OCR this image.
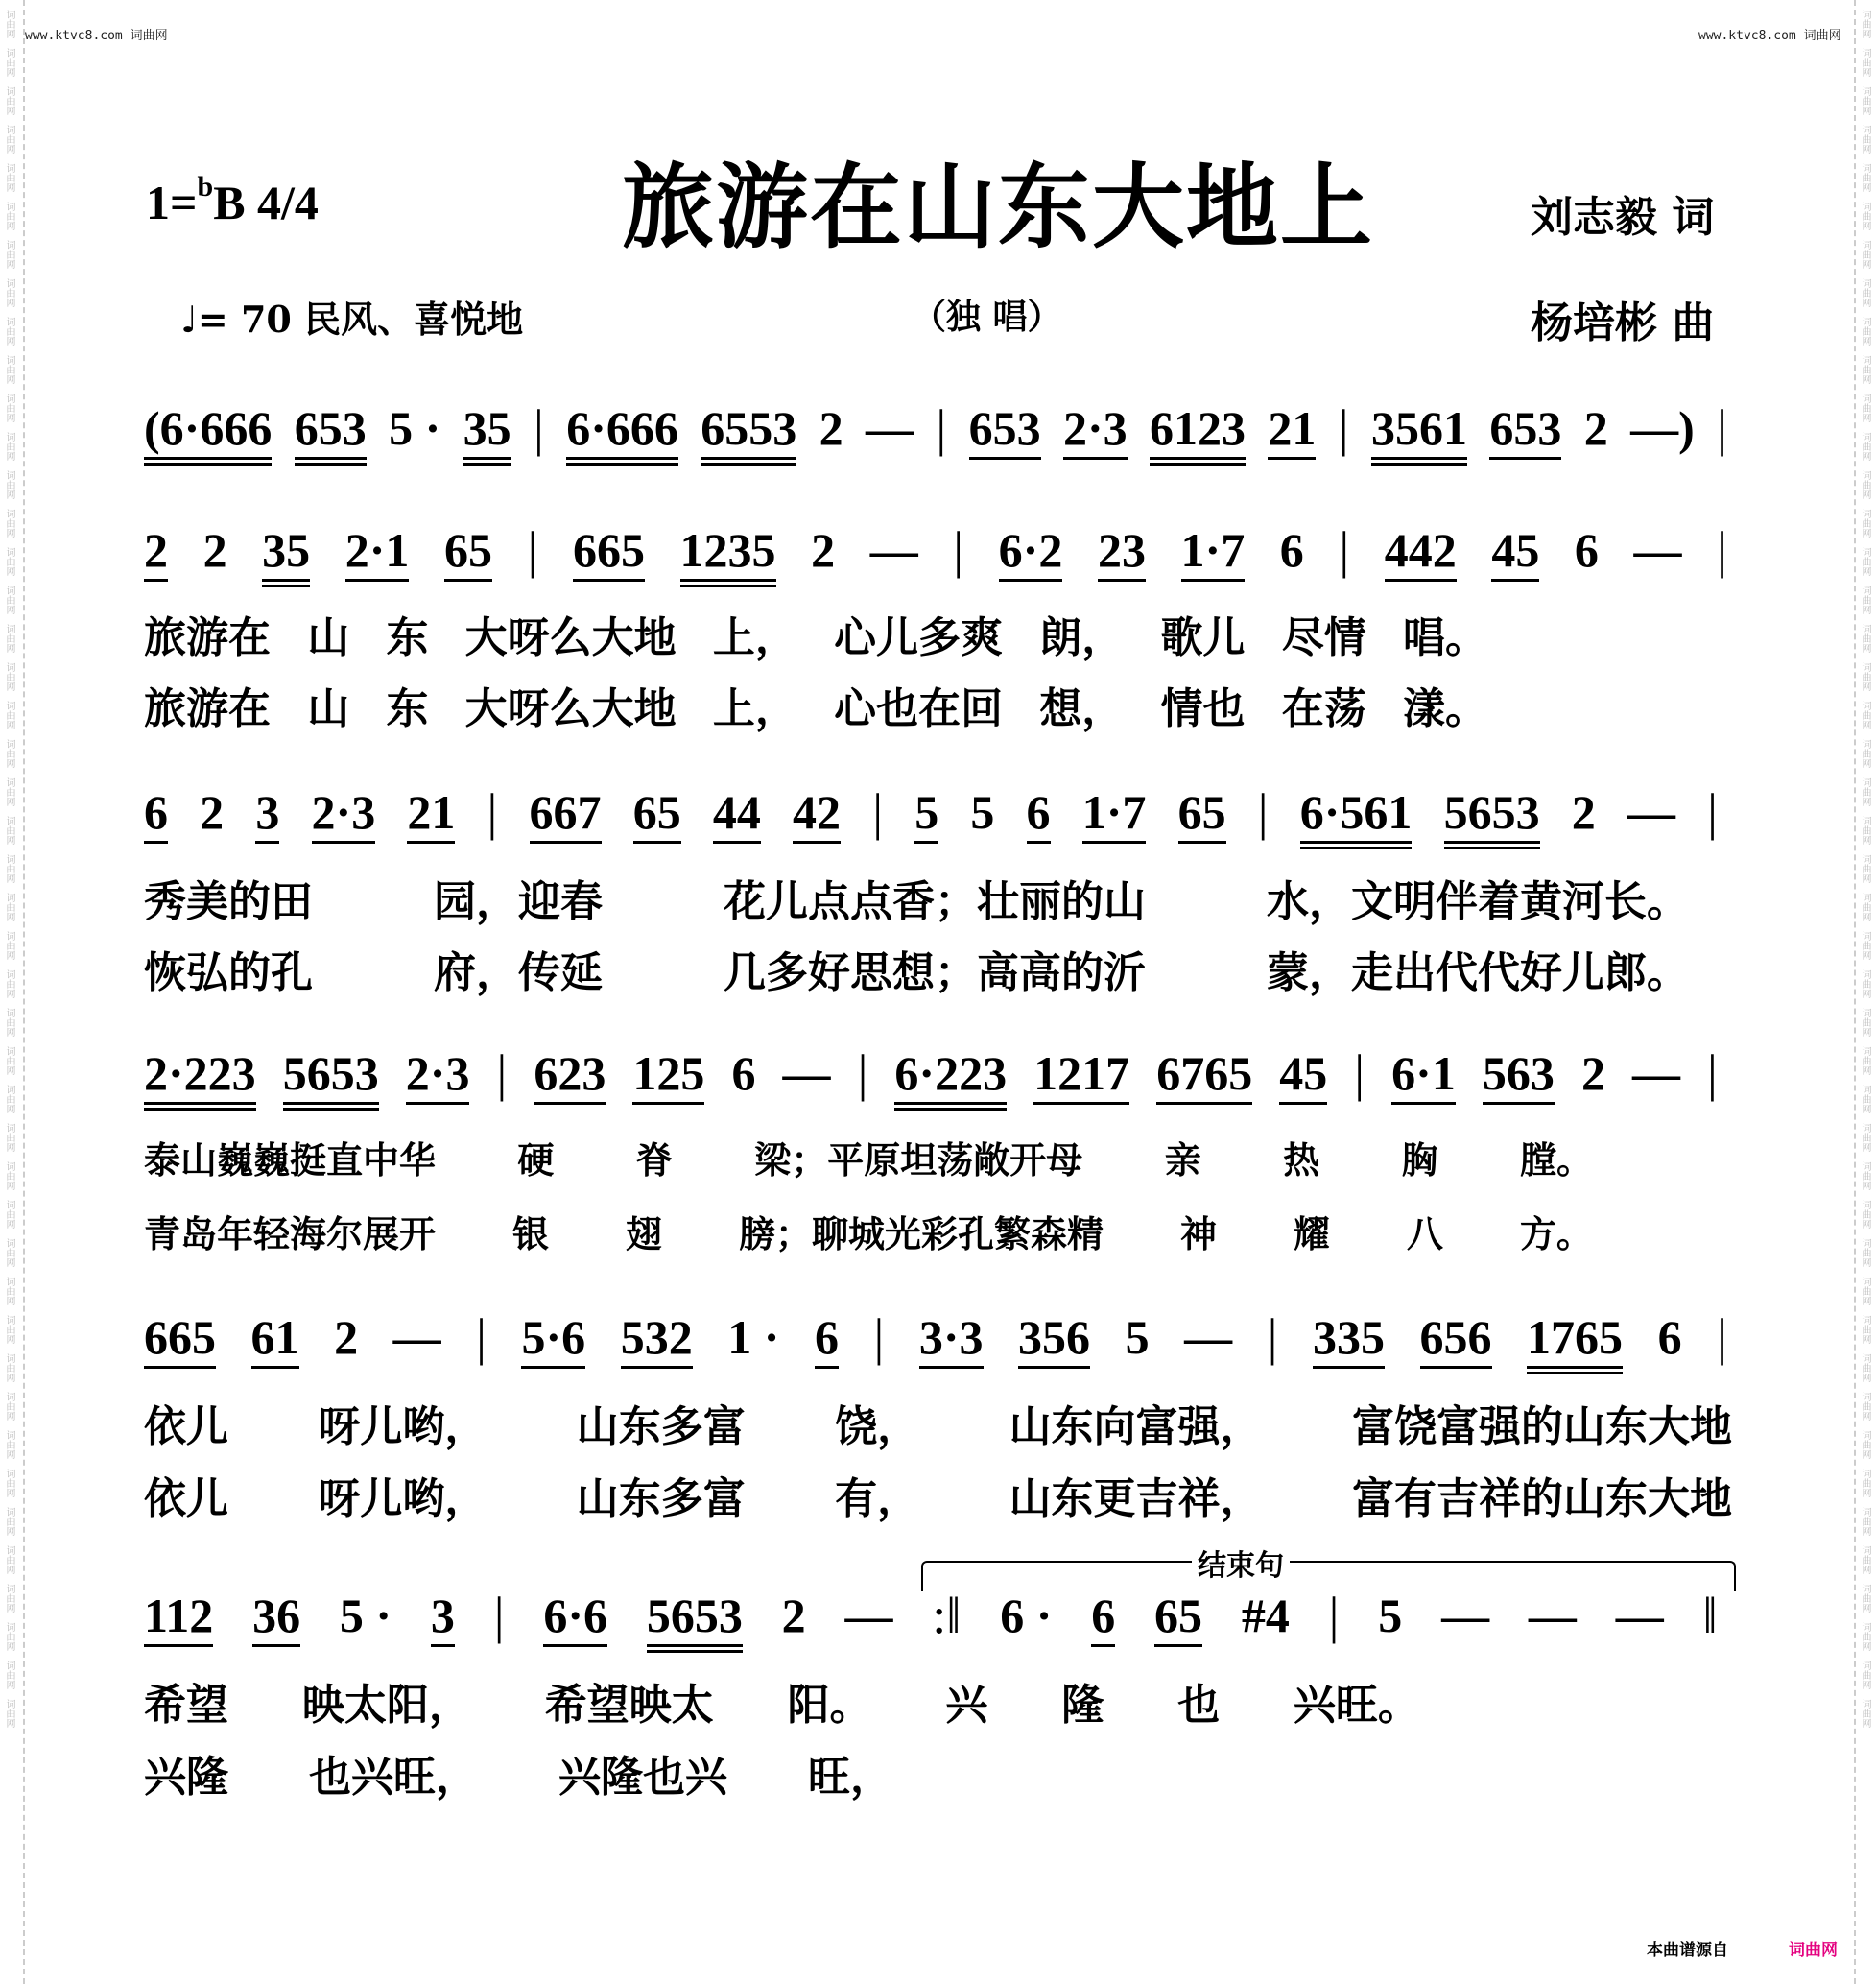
www.ktvc8.com 词曲网	www.ktvc8.com 词曲网
1=$^b$B 4/4	旅游在山东大地上	刘志毅 词
杨培彬 曲
♩= 70 民风、喜悦地	（独 唱）
(6·666 653 5 · 35 | 6·666 6553 2 — | 653 2·3 6123 21 | 3561 653 2 —) |
2 2 35 2·1 65 | 665 1235 2 — | 6·2 23 1·7 6 | 442 45 6 — |
旅游在 山 东 大呀么大地 上， 心儿多爽 朗， 歌儿 尽情 唱。
旅游在 山 东 大呀么大地 上， 心也在回 想， 情也 在荡 漾。
6 2 3 2·3 21 | 667 65 44 42 | 5 5 6 1·7 65 | 6·561 5653 2 — |
秀美的田	园，迎春	花儿点点香；壮丽的山	水，文明伴着黄河长。
恢弘的孔	府，传延	几多好思想；高高的沂	蒙，走出代代好儿郎。
2·223 5653 2·3 | 623 125 6 — | 6·223 1217 6765 45 | 6·1 563 2 — |
泰山巍巍挺直中华 硬 脊 梁；平原坦荡敞开母 亲 热 胸 膛。
青岛年轻海尔展开 银 翅 膀；聊城光彩孔繁森精 神 耀 八 方。
665 61 2 — | 5·6 532 1 · 6 | 3·3 356 5 — | 335 656 1765 6 |
依儿 呀儿哟， 山东多富 饶， 山东向富强， 富饶富强的山东大地
依儿 呀儿哟， 山东多富 有， 山东更吉祥， 富有吉祥的山东大地
112 36 5 · 3 | 6·6 5653 2 — :‖ 6 · 6 65 #4 | 5 — — — ‖
希望 映太阳， 希望映太 阳。 兴 隆 也 兴旺。
兴隆 也兴旺， 兴隆也兴 旺，
结束句
本曲谱源自	词曲网
词曲网
词曲网
词曲网
词曲网
词曲网
词曲网
词曲网
词曲网
词曲网
词曲网
词曲网
词曲网
词曲网
词曲网
词曲网
词曲网
词曲网
词曲网
词曲网
词曲网
词曲网
词曲网
词曲网
词曲网
词曲网
词曲网
词曲网
词曲网
词曲网
词曲网
词曲网
词曲网
词曲网
词曲网
词曲网
词曲网
词曲网
词曲网
词曲网
词曲网
词曲网
词曲网
词曲网
词曲网
词曲网
词曲网
词曲网
词曲网
词曲网
词曲网
词曲网
词曲网
词曲网
词曲网
词曲网
词曲网
词曲网
词曲网
词曲网
词曲网
词曲网
词曲网
词曲网
词曲网
词曲网
词曲网
词曲网
词曲网
词曲网
词曲网
词曲网
词曲网
词曲网
词曲网
词曲网
词曲网
词曲网
词曲网
词曲网
词曲网
词曲网
词曲网
词曲网
词曲网
词曲网
词曲网
词曲网
词曲网
词曲网
词曲网
